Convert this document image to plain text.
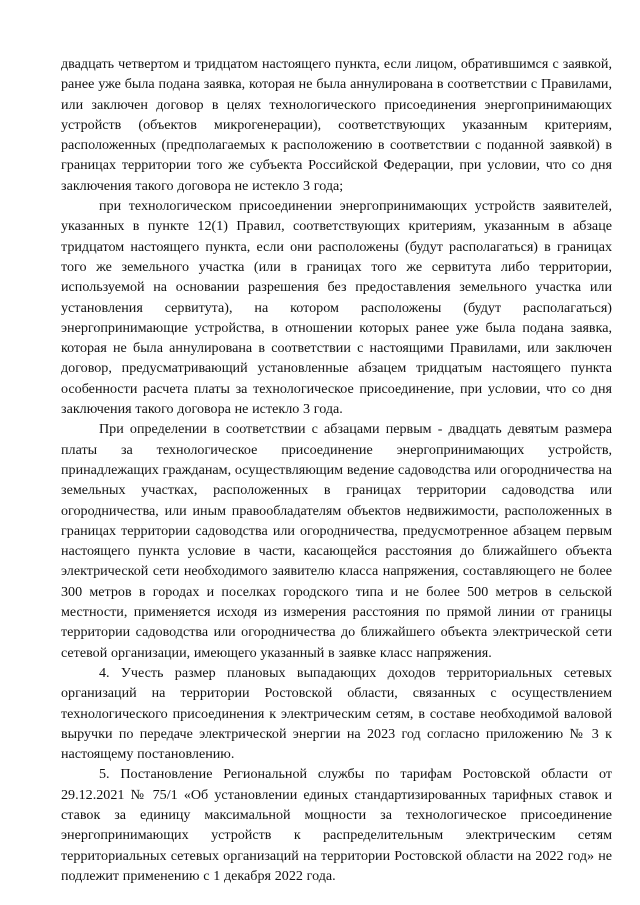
двадцать четвертом и тридцатом настоящего пункта, если лицом, обратившимся с заявкой, ранее уже была подана заявка, которая не была аннулирована в соответствии с Правилами, или заключен договор в целях технологического присоединения энергопринимающих устройств (объектов микрогенерации), соответствующих указанным критериям, расположенных (предполагаемых к расположению в соответствии с поданной заявкой) в границах территории того же субъекта Российской Федерации, при условии, что со дня заключения такого договора не истекло 3 года;

при технологическом присоединении энергопринимающих устройств заявителей, указанных в пункте 12(1) Правил, соответствующих критериям, указанным в абзаце тридцатом настоящего пункта, если они расположены (будут располагаться) в границах того же земельного участка (или в границах того же сервитута либо территории, используемой на основании разрешения без предоставления земельного участка или установления сервитута), на котором расположены (будут располагаться) энергопринимающие устройства, в отношении которых ранее уже была подана заявка, которая не была аннулирована в соответствии с настоящими Правилами, или заключен договор, предусматривающий установленные абзацем тридцатым настоящего пункта особенности расчета платы за технологическое присоединение, при условии, что со дня заключения такого договора не истекло 3 года.

При определении в соответствии с абзацами первым - двадцать девятым размера платы за технологическое присоединение энергопринимающих устройств, принадлежащих гражданам, осуществляющим ведение садоводства или огородничества на земельных участках, расположенных в границах территории садоводства или огородничества, или иным правообладателям объектов недвижимости, расположенных в границах территории садоводства или огородничества, предусмотренное абзацем первым настоящего пункта условие в части, касающейся расстояния до ближайшего объекта электрической сети необходимого заявителю класса напряжения, составляющего не более 300 метров в городах и поселках городского типа и не более 500 метров в сельской местности, применяется исходя из измерения расстояния по прямой линии от границы территории садоводства или огородничества до ближайшего объекта электрической сети сетевой организации, имеющего указанный в заявке класс напряжения.

4. Учесть размер плановых выпадающих доходов территориальных сетевых организаций на территории Ростовской области, связанных с осуществлением технологического присоединения к электрическим сетям, в составе необходимой валовой выручки по передаче электрической энергии на 2023 год согласно приложению № 3 к настоящему постановлению.

5. Постановление Региональной службы по тарифам Ростовской области от 29.12.2021 № 75/1 «Об установлении единых стандартизированных тарифных ставок и ставок за единицу максимальной мощности за технологическое присоединение энергопринимающих устройств к распределительным электрическим сетям территориальных сетевых организаций на территории Ростовской области на 2022 год» не подлежит применению с 1 декабря 2022 года.
